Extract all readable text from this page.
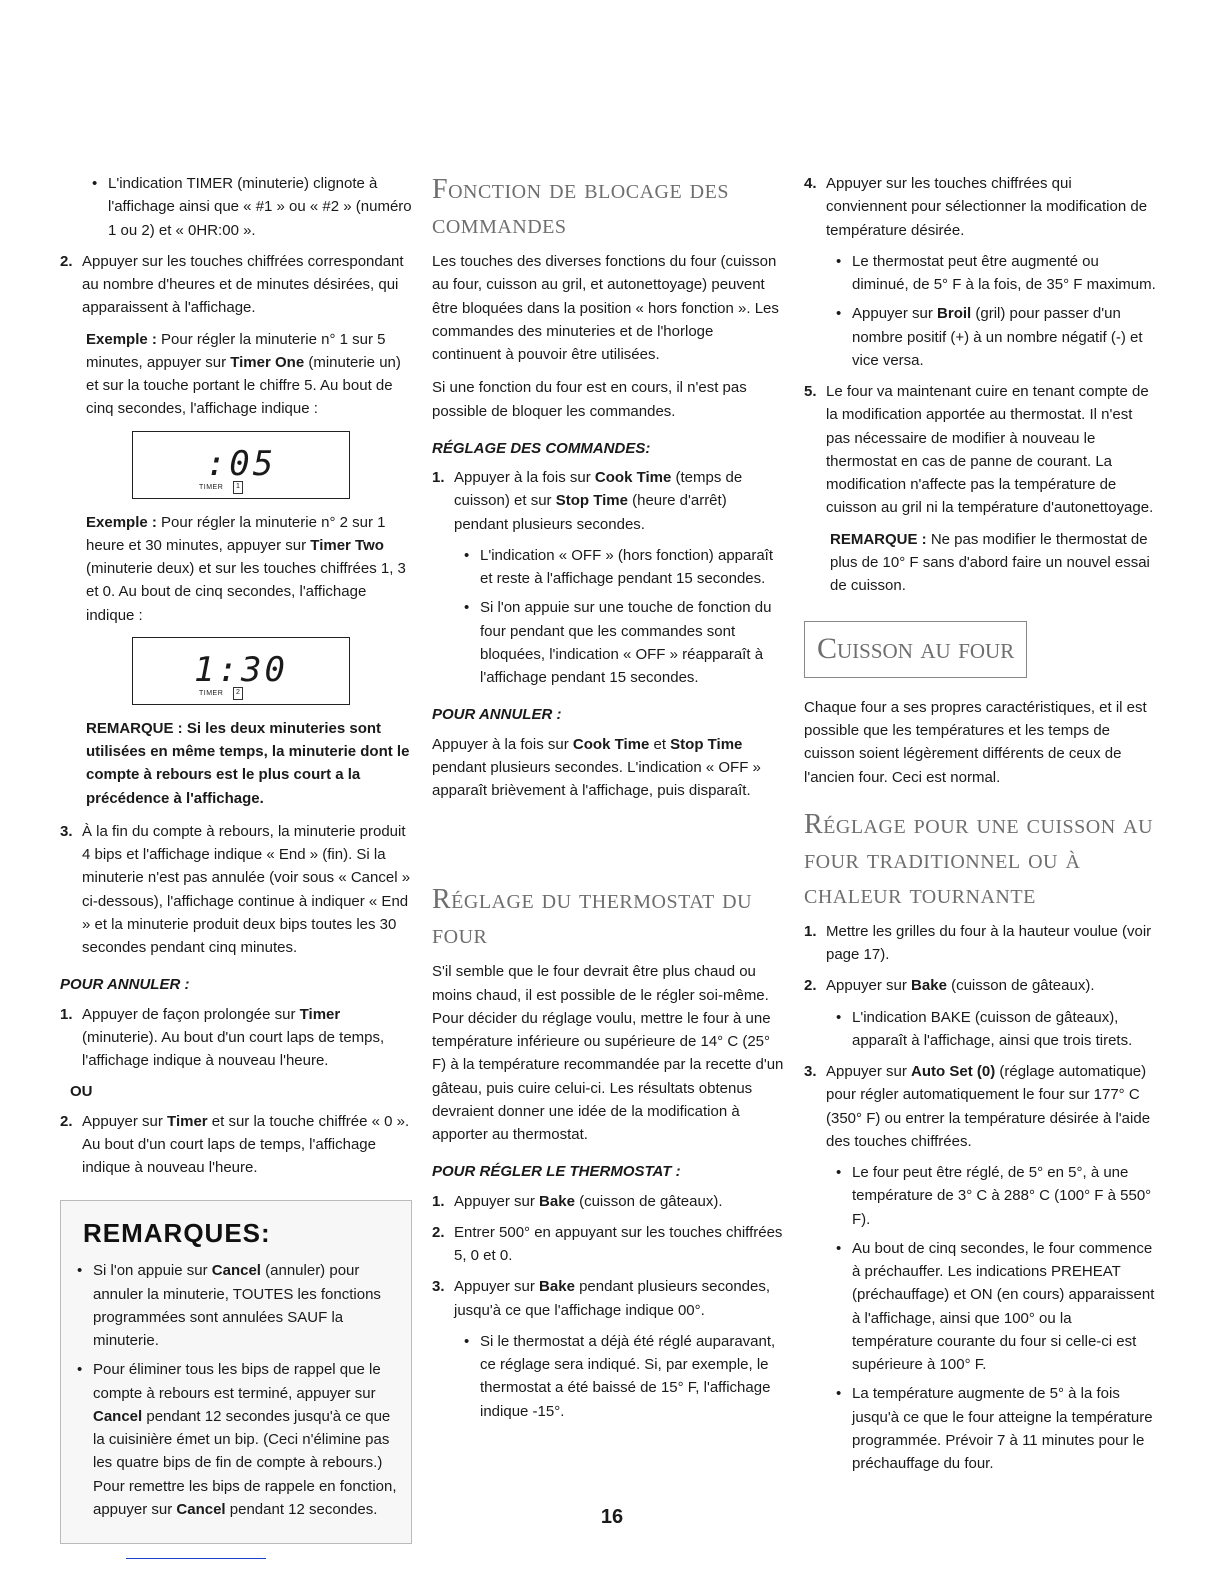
• L'indication TIMER (minuterie) clignote à l'affichage ainsi que « #1 » ou « #2 » (numéro 1 ou 2) et « 0HR:00 ».
2. Appuyer sur les touches chiffrées correspondant au nombre d'heures et de minutes désirées, qui apparaissent à l'affichage.

Exemple : Pour régler la minuterie n° 1 sur 5 minutes, appuyer sur Timer One (minuterie un) et sur la touche portant le chiffre 5. Au bout de cinq secondes, l'affichage indique :

:05
TIMER	1

Exemple : Pour régler la minuterie n° 2 sur 1 heure et 30 minutes, appuyer sur Timer Two (minuterie deux) et sur les touches chiffrées 1, 3 et 0. Au bout de cinq secondes, l'affichage indique :

1:30
TIMER	2

REMARQUE : Si les deux minuteries sont utilisées en même temps, la minuterie dont le compte à rebours est le plus court a la précédence à l'affichage.

3. À la fin du compte à rebours, la minuterie produit 4 bips et l'affichage indique « End » (fin). Si la minuterie n'est pas annulée (voir sous « Cancel » ci-dessous), l'affichage continue à indiquer « End » et la minuterie produit deux bips toutes les 30 secondes pendant cinq minutes.
POUR ANNULER :
1. Appuyer de façon prolongée sur Timer (minuterie). Au bout d'un court laps de temps, l'affichage indique à nouveau l'heure.
OU
2. Appuyer sur Timer et sur la touche chiffrée « 0 ». Au bout d'un court laps de temps, l'affichage indique à nouveau l'heure.
REMARQUES:
• Si l'on appuie sur Cancel (annuler) pour annuler la minuterie, TOUTES les fonctions programmées sont annulées SAUF la minuterie.
• Pour éliminer tous les bips de rappel que le compte à rebours est terminé, appuyer sur Cancel pendant 12 secondes jusqu'à ce que la cuisinière émet un bip. (Ceci n'élimine pas les quatre bips de fin de compte à rebours.) Pour remettre les bips de rappele en fonction, appuyer sur Cancel pendant 12 secondes.
Fonction de blocage des commandes

Les touches des diverses fonctions du four (cuisson au four, cuisson au gril, et autonettoyage) peuvent être bloquées dans la position « hors fonction ». Les commandes des minuteries et de l'horloge continuent à pouvoir être utilisées.

Si une fonction du four est en cours, il n'est pas possible de bloquer les commandes.

RÉGLAGE DES COMMANDES:
1. Appuyer à la fois sur Cook Time (temps de cuisson) et sur Stop Time (heure d'arrêt) pendant plusieurs secondes.
• L'indication « OFF » (hors fonction) apparaît et reste à l'affichage pendant 15 secondes.
• Si l'on appuie sur une touche de fonction du four pendant que les commandes sont bloquées, l'indication « OFF » réapparaît à l'affichage pendant 15 secondes.
POUR ANNULER :

Appuyer à la fois sur Cook Time et Stop Time pendant plusieurs secondes. L'indication « OFF » apparaît brièvement à l'affichage, puis disparaît.

Réglage du thermostat du four

S'il semble que le four devrait être plus chaud ou moins chaud, il est possible de le régler soi-même. Pour décider du réglage voulu, mettre le four à une température inférieure ou supérieure de 14° C (25° F) à la température recommandée par la recette d'un gâteau, puis cuire celui-ci. Les résultats obtenus devraient donner une idée de la modification à apporter au thermostat.

POUR RÉGLER LE THERMOSTAT :
1. Appuyer sur Bake (cuisson de gâteaux).
2. Entrer 500° en appuyant sur les touches chiffrées 5, 0 et 0.
3. Appuyer sur Bake pendant plusieurs secondes, jusqu'à ce que l'affichage indique 00°.
• Si le thermostat a déjà été réglé auparavant, ce réglage sera indiqué. Si, par exemple, le thermostat a été baissé de 15° F, l'affichage indique -15°.
4. Appuyer sur les touches chiffrées qui conviennent pour sélectionner la modification de température désirée.
• Le thermostat peut être augmenté ou diminué, de 5° F à la fois, de 35° F maximum.
• Appuyer sur Broil (gril) pour passer d'un nombre positif (+) à un nombre négatif (-) et vice versa.
5. Le four va maintenant cuire en tenant compte de la modification apportée au thermostat. Il n'est pas nécessaire de modifier à nouveau le thermostat en cas de panne de courant. La modification n'affecte pas la température de cuisson au gril ni la température d'autonettoyage.

REMARQUE : Ne pas modifier le thermostat de plus de 10° F sans d'abord faire un nouvel essai de cuisson.

Cuisson au four

Chaque four a ses propres caractéristiques, et il est possible que les températures et les temps de cuisson soient légèrement différents de ceux de l'ancien four. Ceci est normal.

Réglage pour une cuisson au four traditionnel ou à chaleur tournante
1. Mettre les grilles du four à la hauteur voulue (voir page 17).
2. Appuyer sur Bake (cuisson de gâteaux).
• L'indication BAKE (cuisson de gâteaux), apparaît à l'affichage, ainsi que trois tirets.
3. Appuyer sur Auto Set (0) (réglage automatique) pour régler automatiquement le four sur 177° C (350° F) ou entrer la température désirée à l'aide des touches chiffrées.
• Le four peut être réglé, de 5° en 5°, à une température de 3° C à 288° C (100° F à 550° F).
• Au bout de cinq secondes, le four commence à préchauffer. Les indications PREHEAT (préchauffage) et ON (en cours) apparaissent à l'affichage, ainsi que 100° ou la température courante du four si celle-ci est supérieure à 100° F.
• La température augmente de 5° à la fois jusqu'à ce que le four atteigne la température programmée. Prévoir 7 à 11 minutes pour le préchauffage du four.
16
